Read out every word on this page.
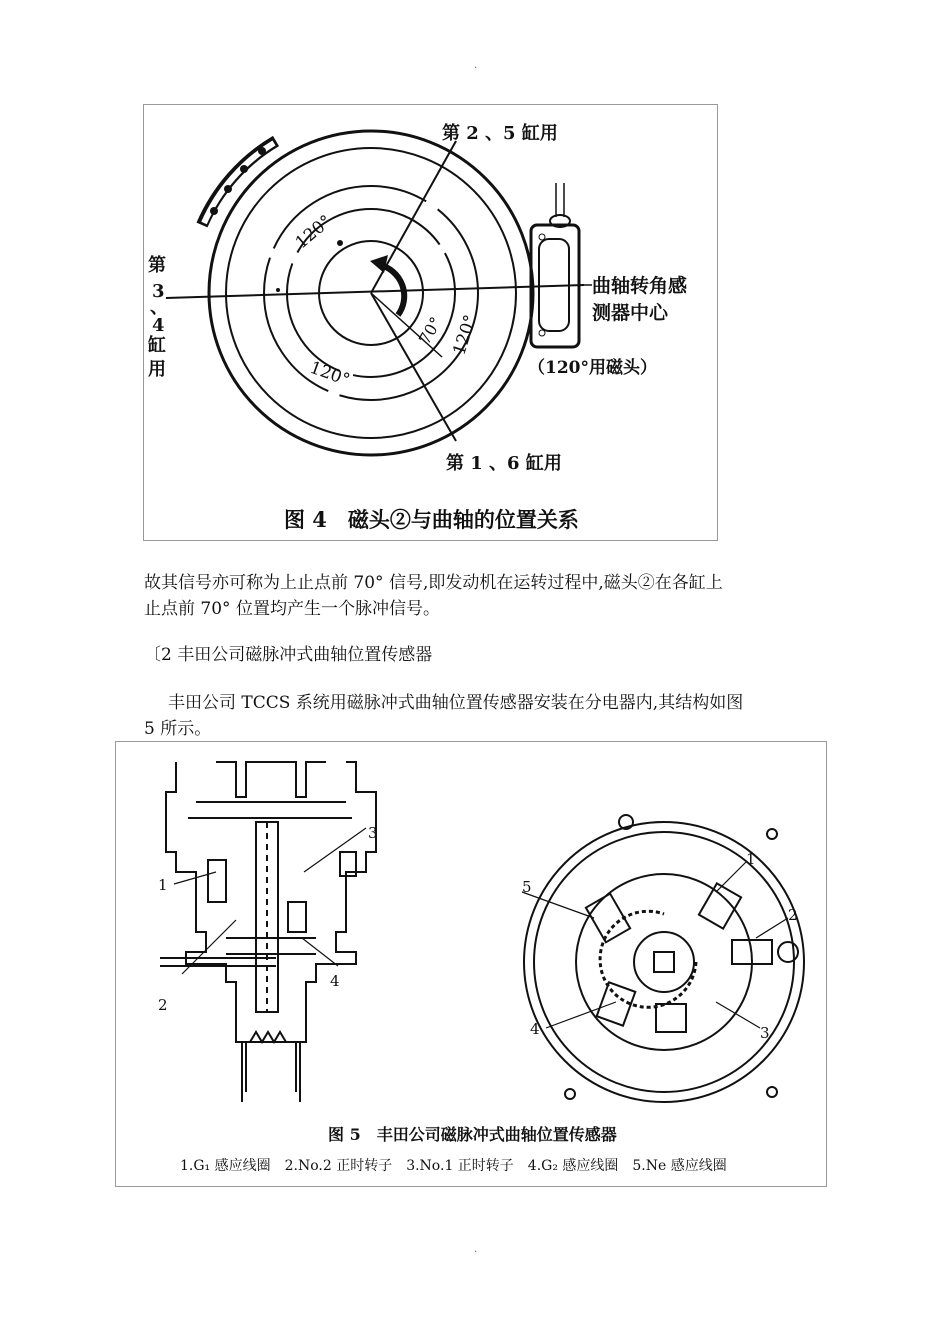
.
第 2 、5 缸用
第 1 、6 缸用
第
3
、
4
缸
用
曲轴转角感
测器中心
（120°用磁头）
120°
120°
120°
70°
图 4　磁头②与曲轴的位置关系

故其信号亦可称为上止点前 70° 信号,即发动机在运转过程中,磁头②在各缸上

止点前 70° 位置均产生一个脉冲信号。

〔2 丰田公司磁脉冲式曲轴位置传感器

丰田公司 TCCS 系统用磁脉冲式曲轴位置传感器安装在分电器内,其结构如图

5 所示。

1
2
3
4
1
2
3
4
5
图 5　丰田公司磁脉冲式曲轴位置传感器
1.G₁ 感应线圈　2.No.2 正时转子　3.No.1 正时转子　4.G₂ 感应线圈　5.Ne 感应线圈
.
